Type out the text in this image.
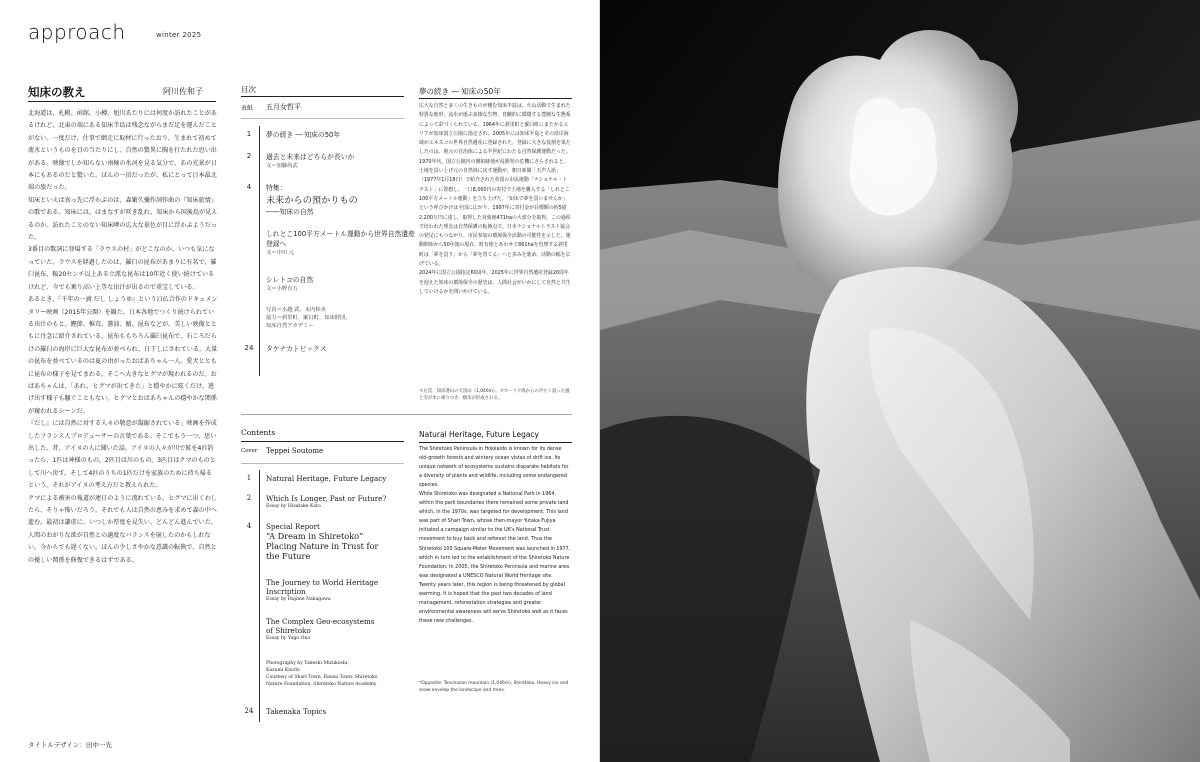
approach	winter 2025
知床の教え	阿川佐和子

北海道は、札幌、函館、小樽、旭川あたりには何度か訪れたことがあるけれど、北東の端にある知床半島は残念ながらまだ足を運んだことがない。一度だけ、仕事で網走に取材に行ったおり、生まれて初めて流氷というものを目の当たりにし、自然の驚異に胸を打たれた思い出がある。映像でしか知らない南極の氷河を見る気分で、あの光景が日本にもあるのだと驚いた。ほんの一泊だったが、私にとって日本最北端の旅だった。

知床といえば真っ先に浮かぶのは、森繁久彌作詞作曲の『知床旅情』の歌である。知床には、ほまなすが咲き乱れ、知床から国後島が見えるのか。訪れたことのない知床岬の広大な景色が目に浮かぶようだった。

3番目の歌詞に登場する「ラウスの村」がどこなのか、いつも気になっていた。ラウスを経過したのは、羅臼の昆布があまりに有名で、羅臼昆布、幅20センチ以上ある立派な昆布は10年近く使い続けているけれど、今でも乗り高い上等な出汁が出るので重宝している。

あるとき、『千年の一滴 だし しょうゆ』という日仏合作のドキュメンタリー映画（2015年公開）を観た。日本各地でつくり続けられている出汁のもと、鰹節、椎茸、醤油、鯖、昆布などが、美しい映像とともに丹念に紹介されている。昆布ももちろん羅臼昆布で、石ころだらけの羅臼の海岸に巨大な昆布が並べられ、日干しにされている。大量の昆布を並べているのは夏の由がったおばあちゃん一人。愛犬とともに昆布の様子を見てまわる。そこへ大きなヒグマが現われるのだ。おばあちゃんは、「あれ、ヒグマが出てきた」と穏やかに呟くだけ。逃げ出す様子も騒ぐこともない。ヒグマとおばあちゃんの穏やかな関係が窺われるシーンだ。

『だし』には自然に対する人々の敬意が凝縮されている」映画を作成したフランス人プロデューサーの言葉である。そこでもう一つ、思い出した。昔、アイヌの人に聞いた話、アイヌの人々が川で鮭を4匹釣ったら、1匹は神様のもの、2匹目は川のもの、3匹目はクマのものとして川へ戻す。そして4匹のうちの1匹だけを家族のために持ち帰るという。それがアイヌの考え方だと教えられた。

クマによる被害の報道が連日のように流れている。ヒグマに出くわしたら、そりゃ怖いだろう。それでも人は自然の恵みを求めて森の中へ進む。最初は謙虚に、いつしか厚度を見失い、どんどん進んでいた。人間のおがりな欲が自然との適度なバランスを崩したのかもしれない。今からでも遅くない。ほんの少しさやかな意識の転換で、自然との優しい関係を修復できるはずである。

タイトルデザイン：田中一光
目次
表紙 五月女哲平
1	夢の続き ― 知床の50年
2	過去と未来はどちらが長いか
文＝加藤尚武
4	特集：
未来からの預かりもの
――知床の自然
しれとこ100平方メートル運動から世界自然遺産登録へ
文＝中川 元
シレトコの自然
文＝小野有五
写真＝水越 武、木内和美
協力＝斜里町、羅臼町、知床財団、
知床自然アカデミー
24	タケナカトピックス
Contents
Cover Teppei Soutome
1	Natural Heritage, Future Legacy
2	Which Is Longer, Past or Future?
Essay by Hisatake Kato
4	Special Report
“A Dream in Shiretoko”
Placing Nature in Trust for
the Future
The Journey to World Heritage
Inscription
Essay by Hajime Nakagawa
The Complex Geo-ecosystems
of Shiretoko
Essay by Yugo Ono
Photography by Takeshi Mizukoshi,
Kazumi Kiuchi
Courtesy of Shari Town, Rausu Town, Shiretoko
Nature Foundation, Shiretoko Nature Academy
24	Takenaka Topics
夢の続き ― 知床の50年

広大な自然と多くの生きものが棲む知床半島は、火山活動で生まれた特異な地形、流氷が運ぶ多様な生物、育醸的に循環する豊饒な生態系によって彩づくられている。1964年に斜里町と羅臼町にまたがるエリアが知床国立公園に指定され、2005年には知床半島とその沿岸海域がユネスコの世界自然遺産に登録された。登録に大きな役割を果たしたのは、地元の自治体による半世紀にわたる自然保護運動だった。

1970年代、国立公園内の開拓跡地が乱開発の危機にさらされると、土地を買い上げ元の自然林に戻す運動が、朝日新聞「天声人語」（1977年1月18日）で紹介された英国の市民運動「ナショナル・トラスト」に着想し、一口8,000円の寄付で土地を購入する「しれとこ100平方メートル運動」を立ち上げた。「知床で夢を買いませんか」という呼びかけは全国に広がり、1997年に寄付金が目標額の約5億2,200万円に達し、取得した対象地471haの大部分を取得。この過程で培われた理念は自然保護の転換点で、日本ナショナルトラスト協会の発足にもつながり、市民参加の環境保全活動の可能性を示した。運動開始から50年後の現在、町有地とあわせて861haを管理する斜里町は「夢を買う」から「夢を育てる」へと歩みを進め、活動の幅を広げている。

2024年に国立公園指定60周年、2025年に世界自然遺産登録20周年を迎えた知床の環境保全の歴史は、人間社会がいかにして自然と共生していけるかを問いかけている。

＊右頁：知床連山の天頂山（1,046m）。オホーツク海からの冷たく湿った風と雪が木に凍りつき、樹氷が形成される。
Natural Heritage, Future Legacy

The Shiretoko Peninsula in Hokkaido is known for its dense old-growth forests and wintery ocean vistas of drift ice. Its unique network of ecosystems sustains disparate habitats for a diversity of plants and wildlife, including some endangered species.

While Shiretoko was designated a National Park in 1964, within the park boundaries there remained some private land which, in the 1970s, was targeted for development. This land was part of Shari Town, whose then-mayor Yutaka Fujiya initiated a campaign similar to the UK's National Trust movement to buy back and reforest the land. Thus the Shiretoko 100 Square-Meter Movement was launched in 1977, which in turn led to the establishment of the Shiretoko Nature Foundation. In 2005, the Shiretoko Peninsula and marine area was designated a UNESCO Natural World Heritage site.

Twenty years later, this region is being threatened by global warming. It is hoped that the past two decades of land management, reforestation strategies and greater environmental awareness will serve Shiretoko well as it faces these new challenges.

*Opposite: Tenchozan mountain (1,046m), Shiretoko. Heavy ice and snow envelop the landscape and trees.
